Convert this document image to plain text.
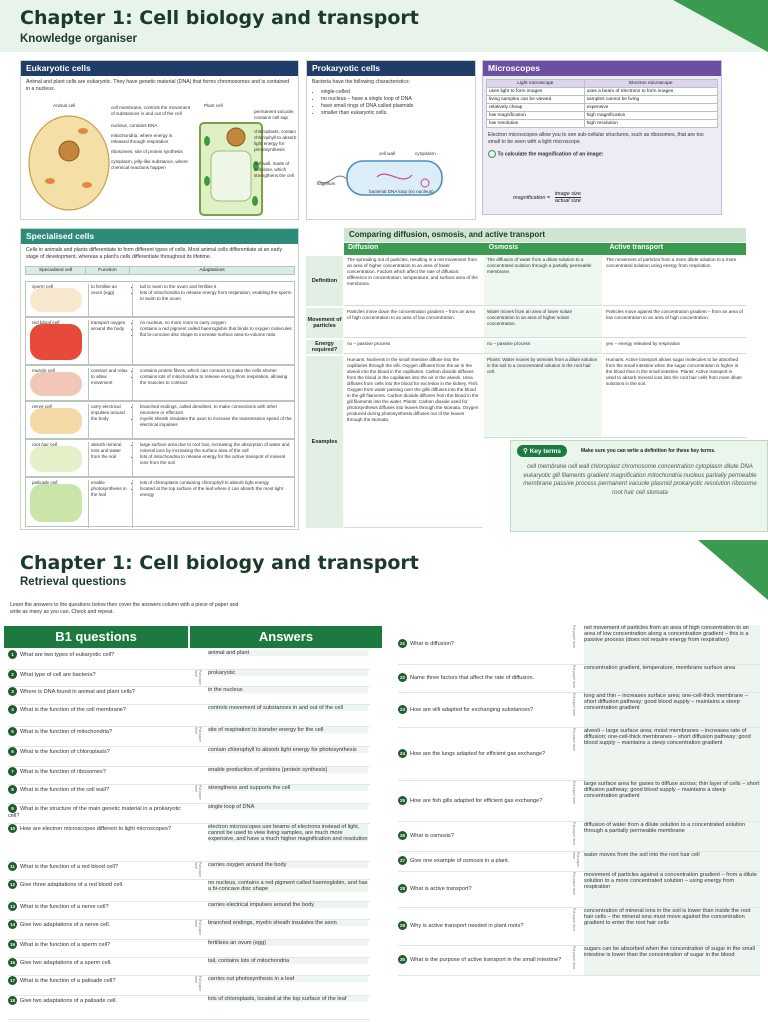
Chapter 1: Cell biology and transport
Knowledge organiser
Eukaryotic cells
Animal and plant cells are eukaryotic. They have genetic material (DNA) that forms chromosomes and is contained in a nucleus.
Animal cell	Plant cell
cell membrane, controls the movement of substances in and out of the cell
nucleus, contains DNA
mitochondria, where energy is released through respiration
ribosomes, site of protein synthesis
cytoplasm, jelly-like substance, where chemical reactions happen
permanent vacuole, contains cell sap
chloroplasts, contain chlorophyll to absorb light energy for photosynthesis
cell wall, made of cellulose, which strengthens the cell
Prokaryotic cells
Bacteria have the following characteristics:
• single-celled
• no nucleus – have a single loop of DNA
• have small rings of DNA called plasmids
• smaller than eukaryotic cells.
bacterial DNA loop (no nucleus)
cell wall	cytoplasm
flagellum
Microscopes
Light microscope	Electron microscope
uses light to form images	uses a beam of electrons to form images
living samples can be viewed	samples cannot be living
relatively cheap	expensive
low magnification	high magnification
low resolution	high resolution
Electron microscopes allow you to see sub-cellular structures, such as ribosomes, that are too small to be seen with a light microscope.
To calculate the magnification of an image:
magnification =
image size
actual size
Specialised cells
Cells in animals and plants differentiate to form different types of cells. Most animal cells differentiate at an early stage of development, whereas a plant's cells differentiate throughout its lifetime.
Specialised cell	Function	Adaptations
sperm cell	to fertilise an ovum (egg)
• tail to swim to the ovum and fertilise it
• lots of mitochondria to release energy from respiration, enabling the sperm to swim to the ovum
red blood cell	transport oxygen around the body
• no nucleus, so more room to carry oxygen
• contains a red pigment called haemoglobin that binds to oxygen molecules
• flat bi-concave disc shape to increase surface area-to-volume ratio
muscle cell	contract and relax to allow movement
• contains protein fibres, which can contract to make the cells shorter
• contains lots of mitochondria to release energy from respiration, allowing the muscles to contract
nerve cell	carry electrical impulses around the body
• branched endings, called dendrites, to make connections with other neurones or effectors
• myelin sheath insulates the axon to increase the transmission speed of the electrical impulses
root hair cell	absorb mineral ions and water from the soil
• large surface area due to root hair, increasing the absorption of water and mineral ions by increasing the surface area of the cell
• lots of mitochondria to release energy for the active transport of mineral ions from the soil
palisade cell	enable photosynthesis in the leaf
• lots of chloroplasts containing chlorophyll to absorb light energy
• located at the top surface of the leaf where it can absorb the most light energy
Comparing diffusion, osmosis, and active transport
Diffusion	Osmosis	Active transport
Definition
The spreading out of particles, resulting in a net movement from an area of higher concentration to an area of lower concentration. Factors which affect the rate of diffusion: difference in concentration, temperature, and surface area of the membrane.
The diffusion of water from a dilute solution to a concentrated solution through a partially permeable membrane.
The movement of particles from a more dilute solution to a more concentrated solution using energy from respiration.
Movement of particles
Particles move down the concentration gradient – from an area of high concentration to an area of low concentration.
Water moves from an area of lower solute concentration to an area of higher solute concentration.
Particles move against the concentration gradient – from an area of low concentration to an area of high concentration.
Energy required?
no – passive process	no – passive process	yes – energy released by respiration
Examples
Humans: Nutrients in the small intestine diffuse into the capillaries through the villi. Oxygen diffuses from the air in the alveoli into the blood in the capillaries. Carbon dioxide diffuses from the blood in the capillaries into the air in the alveoli. Urea diffuses from cells into the blood for excretion in the kidney. Fish: Oxygen from water passing over the gills diffuses into the blood in the gill filaments. Carbon dioxide diffuses from the blood in the gill filaments into the water. Plants: Carbon dioxide used for photosynthesis diffuses into leaves through the stomata. Oxygen produced during photosynthesis diffuses out of the leaves through the stomata.
Plants: Water moves by osmosis from a dilute solution in the soil to a concentrated solution in the root hair cell.
Humans: Active transport allows sugar molecules to be absorbed from the small intestine when the sugar concentration is higher in the blood than in the small intestine. Plants: Active transport is used to absorb mineral ions into the root hair cells from more dilute solutions in the soil.
⚲ Key terms	Make sure you can write a definition for these key terms.
cell membrane cell wall chloroplast chromosome concentration cytoplasm dilute DNA eukaryotic gill filaments gradient magnification mitochondria nucleus partially permeable membrane passive process permanent vacuole plasmid prokaryotic resolution ribosome root hair cell stomata
Chapter 1: Cell biology and transport
Retrieval questions
Learn the answers to the questions below then cover the answers column with a piece of paper and write as many as you can. Check and repeat.
B1 questions	Answers
1 What are two types of eukaryotic cell?	animal and plant
2 What type of cell are bacteria?	prokaryotic
Put paper here
3 Where is DNA found in animal and plant cells?	in the nucleus
4 What is the function of the cell membrane?	controls movement of substances in and out of the cell
5 What is the function of mitochondria?	site of respiration to transfer energy for the cell
Put paper here
6 What is the function of chloroplasts?	contain chlorophyll to absorb light energy for photosynthesis
7 What is the function of ribosomes?	enable production of proteins (protein synthesis)
8 What is the function of the cell wall?	strengthens and supports the cell
Put paper here
9 What is the structure of the main genetic material in a prokaryotic cell?
single loop of DNA
10 How are electron microscopes different to light microscopes?	electron microscopes use beams of electrons instead of light, cannot be used to view living samples, are much more expensive, and have a much higher magnification and resolution
11 What is the function of a red blood cell?	carries oxygen around the body
Put paper here
12 Give three adaptations of a red blood cell.	no nucleus, contains a red pigment called haemoglobin, and has a bi-concave disc shape
13 What is the function of a nerve cell?	carries electrical impulses around the body
14 Give two adaptations of a nerve cell.	branched endings, myelin sheath insulates the axon
Put paper here
15 What is the function of a sperm cell?	fertilises an ovum (egg)
16 Give two adaptations of a sperm cell.	tail, contains lots of mitochondria
17 What is the function of a palisade cell?	carries out photosynthesis in a leaf
Put paper here
18 Give two adaptations of a palisade cell.	lots of chloroplasts, located at the top surface of the leaf
21 What is diffusion?
net movement of particles from an area of high concentration to an area of low concentration along a concentration gradient – this is a passive process (does not require energy from respiration)
Put paper here
22 Name three factors that affect the rate of diffusion.
concentration gradient, temperature, membrane surface area
Put paper here
23 How are villi adapted for exchanging substances?
long and thin – increases surface area; one-cell-thick membrane – short diffusion pathway; good blood supply – maintains a steep concentration gradient
Put paper here
24 How are the lungs adapted for efficient gas exchange?
alveoli – large surface area; moist membranes – increases rate of diffusion; one-cell-thick membranes – short diffusion pathway; good blood supply – maintains a steep concentration gradient
Put paper here
25 How are fish gills adapted for efficient gas exchange?
large surface area for gases to diffuse across; thin layer of cells – short diffusion pathway; good blood supply – maintains a steep concentration gradient
Put paper here
26 What is osmosis?
diffusion of water from a dilute solution to a concentrated solution through a partially permeable membrane
Put paper here
27 Give one example of osmosis in a plant.
water moves from the soil into the root hair cell
Put paper here
28 What is active transport?
movement of particles against a concentration gradient – from a dilute solution to a more concentrated solution – using energy from respiration
Put paper here
29 Why is active transport needed in plant roots?
concentration of mineral ions in the soil is lower than inside the root hair cells – the mineral ions must move against the concentration gradient to enter the root hair cells
Put paper here
30 What is the purpose of active transport in the small intestine?
sugars can be absorbed when the concentration of sugar in the small intestine is lower than the concentration of sugar in the blood
Put paper here
